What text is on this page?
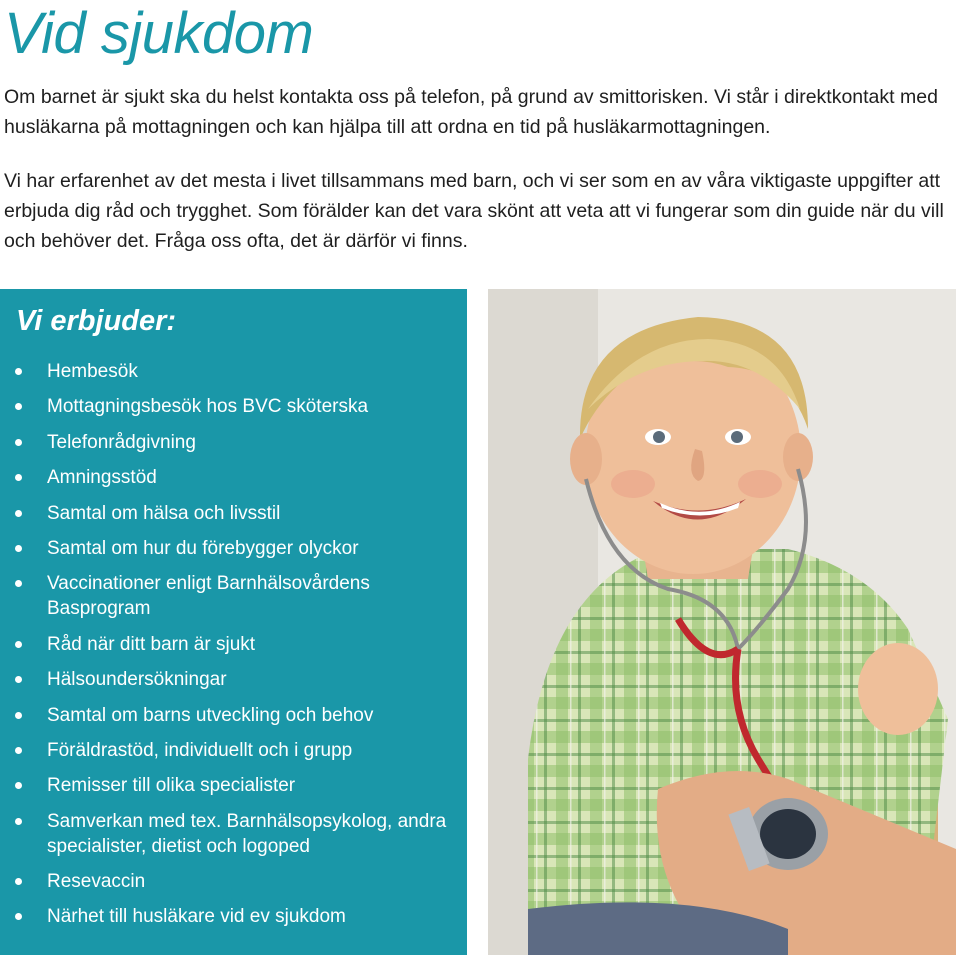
Vid sjukdom

Om barnet är sjukt ska du helst kontakta oss på telefon, på grund av smittorisken. Vi står i direktkontakt med husläkarna på mottagningen och kan hjälpa till att ordna en tid på husläkarmottagningen.

Vi har erfarenhet av det mesta i livet tillsammans med barn, och vi ser som en av våra viktigaste uppgifter att erbjuda dig råd och trygghet. Som förälder kan det vara skönt att veta att vi fungerar som din guide när du vill och behöver det. Fråga oss ofta, det är därför vi finns.

Vi erbjuder:
Hembesök
Mottagningsbesök hos BVC sköterska
Telefonrådgivning
Amningsstöd
Samtal om hälsa och livsstil
Samtal om hur du förebygger olyckor
Vaccinationer enligt Barnhälsovårdens Basprogram
Råd när ditt barn är sjukt
Hälsoundersökningar
Samtal om barns utveckling och behov
Föräldrastöd, individuellt och i grupp
Remisser till olika specialister
Samverkan med tex. Barnhälsopsykolog, andra specialister, dietist och logoped
Resevaccin
Närhet till husläkare vid ev sjukdom
